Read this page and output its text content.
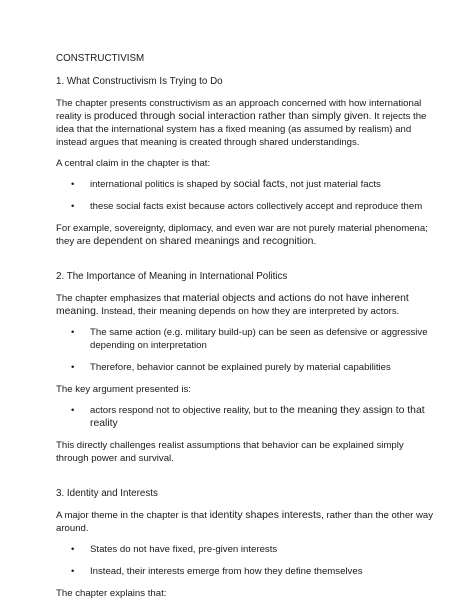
CONSTRUCTIVISM

1. What Constructivism Is Trying to Do

The chapter presents constructivism as an approach concerned with how international reality is produced through social interaction rather than simply given. It rejects the idea that the international system has a fixed meaning (as assumed by realism) and instead argues that meaning is created through shared understandings.

A central claim in the chapter is that:

• international politics is shaped by social facts, not just material facts
• these social facts exist because actors collectively accept and reproduce them

For example, sovereignty, diplomacy, and even war are not purely material phenomena; they are dependent on shared meanings and recognition.

2. The Importance of Meaning in International Politics

The chapter emphasizes that material objects and actions do not have inherent meaning. Instead, their meaning depends on how they are interpreted by actors.

• The same action (e.g. military build-up) can be seen as defensive or aggressive depending on interpretation
• Therefore, behavior cannot be explained purely by material capabilities

The key argument presented is:

• actors respond not to objective reality, but to the meaning they assign to that reality

This directly challenges realist assumptions that behavior can be explained simply through power and survival.

3. Identity and Interests

A major theme in the chapter is that identity shapes interests, rather than the other way around.

• States do not have fixed, pre-given interests
• Instead, their interests emerge from how they define themselves

The chapter explains that:
